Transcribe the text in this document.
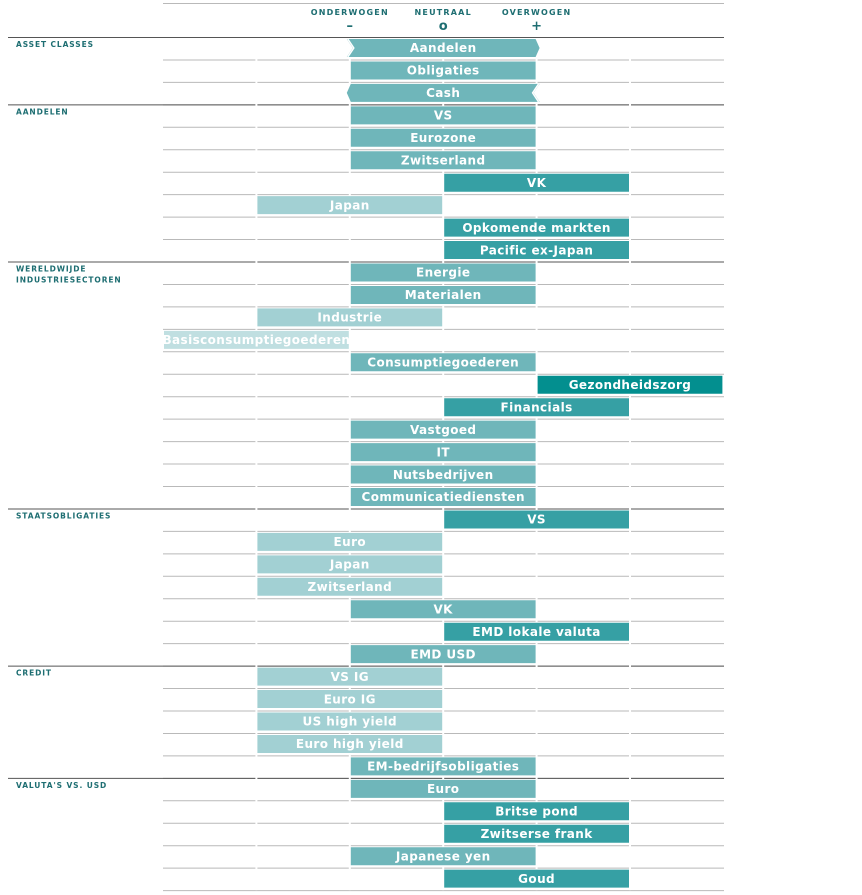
ONDERWOGEN
–
NEUTRAAL
o
OVERWOGEN
+
ASSET CLASSES
AANDELEN
WERELDWIJDE
INDUSTRIESECTOREN
STAATSOBLIGATIES
CREDIT
VALUTA'S VS. USD
Aandelen
Obligaties
Cash
VS
Eurozone
Zwitserland
VK
Japan
Opkomende markten
Pacific ex-Japan
Energie
Materialen
Industrie
Basisconsumptiegoederen
Consumptiegoederen
Gezondheidszorg
Financials
Vastgoed
IT
Nutsbedrijven
Communicatiediensten
VS
Euro
Japan
Zwitserland
VK
EMD lokale valuta
EMD USD
VS IG
Euro IG
US high yield
Euro high yield
EM-bedrijfsobligaties
Euro
Britse pond
Zwitserse frank
Japanese yen
Goud
